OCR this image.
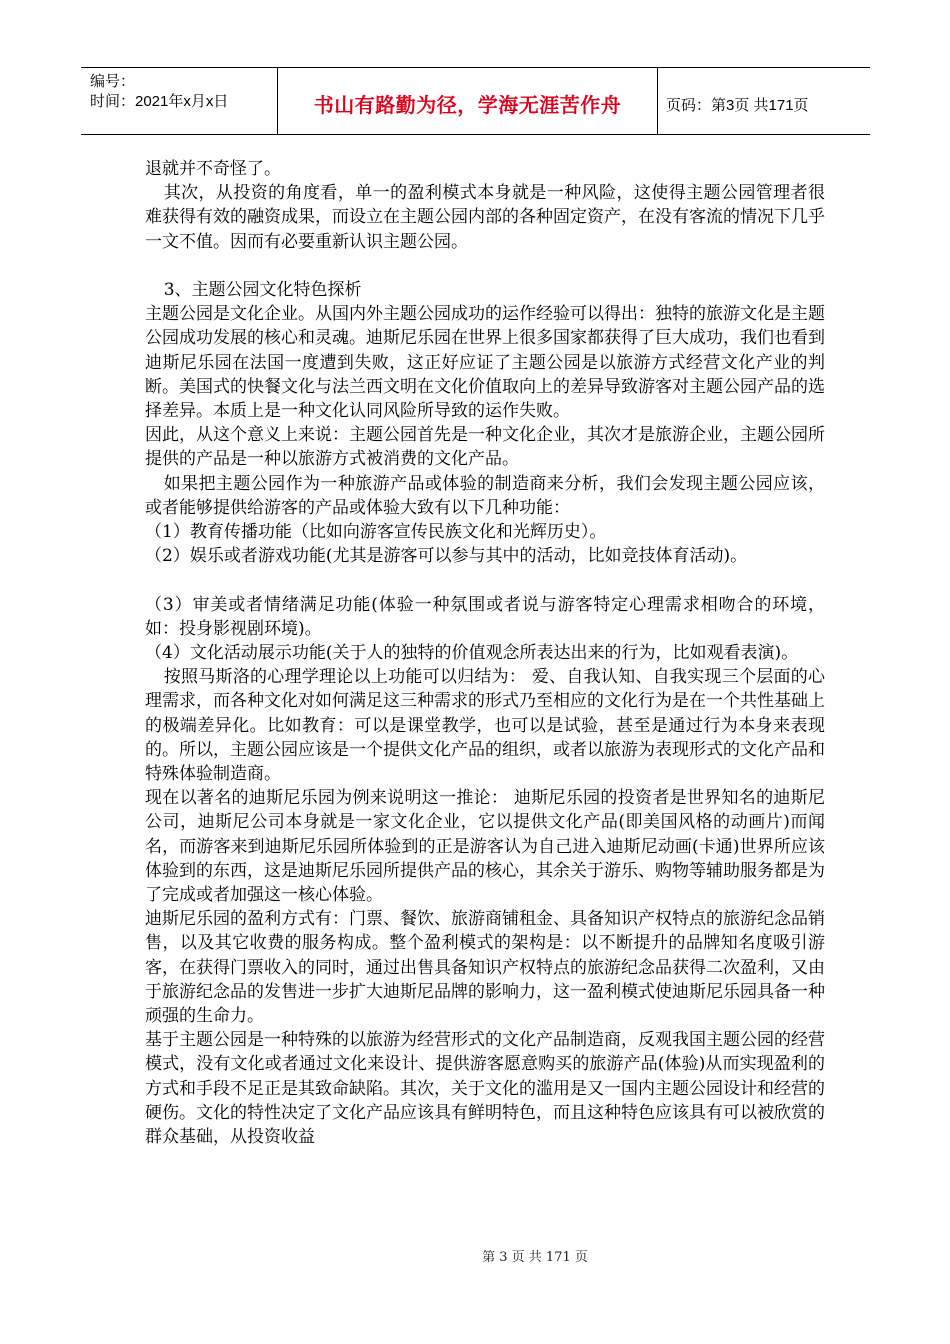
编号：
时间：2021年x月x日	书山有路勤为径，学海无涯苦作舟	页码：第3页 共171页

退就并不奇怪了。

其次，从投资的角度看，单一的盈利模式本身就是一种风险，这使得主题公园管理者很难获得有效的融资成果，而设立在主题公园内部的各种固定资产，在没有客流的情况下几乎一文不值。因而有必要重新认识主题公园。

3、主题公园文化特色探析

主题公园是文化企业。从国内外主题公园成功的运作经验可以得出：独特的旅游文化是主题公园成功发展的核心和灵魂。迪斯尼乐园在世界上很多国家都获得了巨大成功，我们也看到迪斯尼乐园在法国一度遭到失败，这正好应证了主题公园是以旅游方式经营文化产业的判断。美国式的快餐文化与法兰西文明在文化价值取向上的差异导致游客对主题公园产品的选择差异。本质上是一种文化认同风险所导致的运作失败。

因此，从这个意义上来说：主题公园首先是一种文化企业，其次才是旅游企业，主题公园所提供的产品是一种以旅游方式被消费的文化产品。

如果把主题公园作为一种旅游产品或体验的制造商来分析，我们会发现主题公园应该，或者能够提供给游客的产品或体验大致有以下几种功能：

（1）教育传播功能（比如向游客宣传民族文化和光辉历史）。

（2）娱乐或者游戏功能(尤其是游客可以参与其中的活动，比如竞技体育活动)。

（3）审美或者情绪满足功能(体验一种氛围或者说与游客特定心理需求相吻合的环境，如：投身影视剧环境)。

（4）文化活动展示功能(关于人的独特的价值观念所表达出来的行为，比如观看表演)。

按照马斯洛的心理学理论以上功能可以归结为： 爱、自我认知、自我实现三个层面的心理需求，而各种文化对如何满足这三种需求的形式乃至相应的文化行为是在一个共性基础上的极端差异化。比如教育：可以是课堂教学，也可以是试验，甚至是通过行为本身来表现的。所以，主题公园应该是一个提供文化产品的组织，或者以旅游为表现形式的文化产品和特殊体验制造商。

现在以著名的迪斯尼乐园为例来说明这一推论： 迪斯尼乐园的投资者是世界知名的迪斯尼公司，迪斯尼公司本身就是一家文化企业，它以提供文化产品(即美国风格的动画片)而闻名，而游客来到迪斯尼乐园所体验到的正是游客认为自己进入迪斯尼动画(卡通)世界所应该体验到的东西，这是迪斯尼乐园所提供产品的核心，其余关于游乐、购物等辅助服务都是为了完成或者加强这一核心体验。

迪斯尼乐园的盈利方式有：门票、餐饮、旅游商铺租金、具备知识产权特点的旅游纪念品销售，以及其它收费的服务构成。整个盈利模式的架构是：以不断提升的品牌知名度吸引游客，在获得门票收入的同时，通过出售具备知识产权特点的旅游纪念品获得二次盈利，又由于旅游纪念品的发售进一步扩大迪斯尼品牌的影响力，这一盈利模式使迪斯尼乐园具备一种顽强的生命力。

基于主题公园是一种特殊的以旅游为经营形式的文化产品制造商，反观我国主题公园的经营模式，没有文化或者通过文化来设计、提供游客愿意购买的旅游产品(体验)从而实现盈利的方式和手段不足正是其致命缺陷。其次，关于文化的滥用是又一国内主题公园设计和经营的硬伤。文化的特性决定了文化产品应该具有鲜明特色，而且这种特色应该具有可以被欣赏的群众基础，从投资收益

第 3 页 共 171 页
